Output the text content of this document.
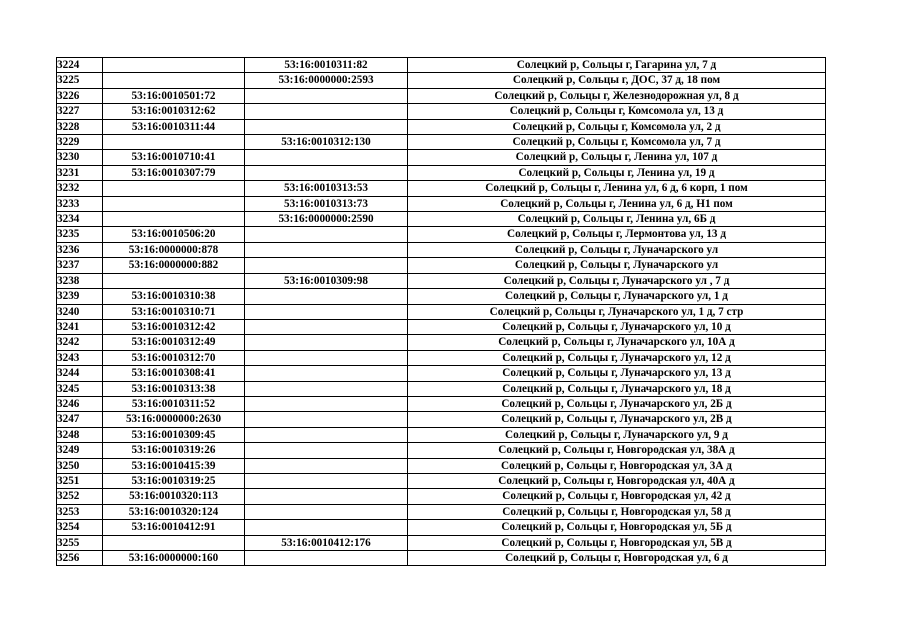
3224		53:16:0010311:82	Солецкий р, Сольцы г, Гагарина ул, 7 д
3225		53:16:0000000:2593	Солецкий р, Сольцы г, ДОС, 37 д, 18 пом
3226	53:16:0010501:72		Солецкий р, Сольцы г, Железнодорожная ул, 8 д
3227	53:16:0010312:62		Солецкий р, Сольцы г, Комсомола ул, 13 д
3228	53:16:0010311:44		Солецкий р, Сольцы г, Комсомола ул, 2 д
3229		53:16:0010312:130	Солецкий р, Сольцы г, Комсомола ул, 7 д
3230	53:16:0010710:41		Солецкий р, Сольцы г, Ленина ул, 107 д
3231	53:16:0010307:79		Солецкий р, Сольцы г, Ленина ул, 19 д
3232		53:16:0010313:53	Солецкий р, Сольцы г, Ленина ул, 6 д, 6 корп, 1 пом
3233		53:16:0010313:73	Солецкий р, Сольцы г, Ленина ул, 6 д, Н1 пом
3234		53:16:0000000:2590	Солецкий р, Сольцы г, Ленина ул, 6Б д
3235	53:16:0010506:20		Солецкий р, Сольцы г, Лермонтова ул, 13 д
3236	53:16:0000000:878		Солецкий р, Сольцы г, Луначарского ул
3237	53:16:0000000:882		Солецкий р, Сольцы г, Луначарского ул
3238		53:16:0010309:98	Солецкий р, Сольцы г, Луначарского ул , 7 д
3239	53:16:0010310:38		Солецкий р, Сольцы г, Луначарского ул, 1 д
3240	53:16:0010310:71		Солецкий р, Сольцы г, Луначарского ул, 1 д, 7 стр
3241	53:16:0010312:42		Солецкий р, Сольцы г, Луначарского ул, 10 д
3242	53:16:0010312:49		Солецкий р, Сольцы г, Луначарского ул, 10А д
3243	53:16:0010312:70		Солецкий р, Сольцы г, Луначарского ул, 12 д
3244	53:16:0010308:41		Солецкий р, Сольцы г, Луначарского ул, 13 д
3245	53:16:0010313:38		Солецкий р, Сольцы г, Луначарского ул, 18 д
3246	53:16:0010311:52		Солецкий р, Сольцы г, Луначарского ул, 2Б д
3247	53:16:0000000:2630		Солецкий р, Сольцы г, Луначарского ул, 2В д
3248	53:16:0010309:45		Солецкий р, Сольцы г, Луначарского ул, 9 д
3249	53:16:0010319:26		Солецкий р, Сольцы г, Новгородская ул, 38А д
3250	53:16:0010415:39		Солецкий р, Сольцы г, Новгородская ул, 3А д
3251	53:16:0010319:25		Солецкий р, Сольцы г, Новгородская ул, 40А д
3252	53:16:0010320:113		Солецкий р, Сольцы г, Новгородская ул, 42 д
3253	53:16:0010320:124		Солецкий р, Сольцы г, Новгородская ул, 58 д
3254	53:16:0010412:91		Солецкий р, Сольцы г, Новгородская ул, 5Б д
3255		53:16:0010412:176	Солецкий р, Сольцы г, Новгородская ул, 5В д
3256	53:16:0000000:160		Солецкий р, Сольцы г, Новгородская ул, 6 д
